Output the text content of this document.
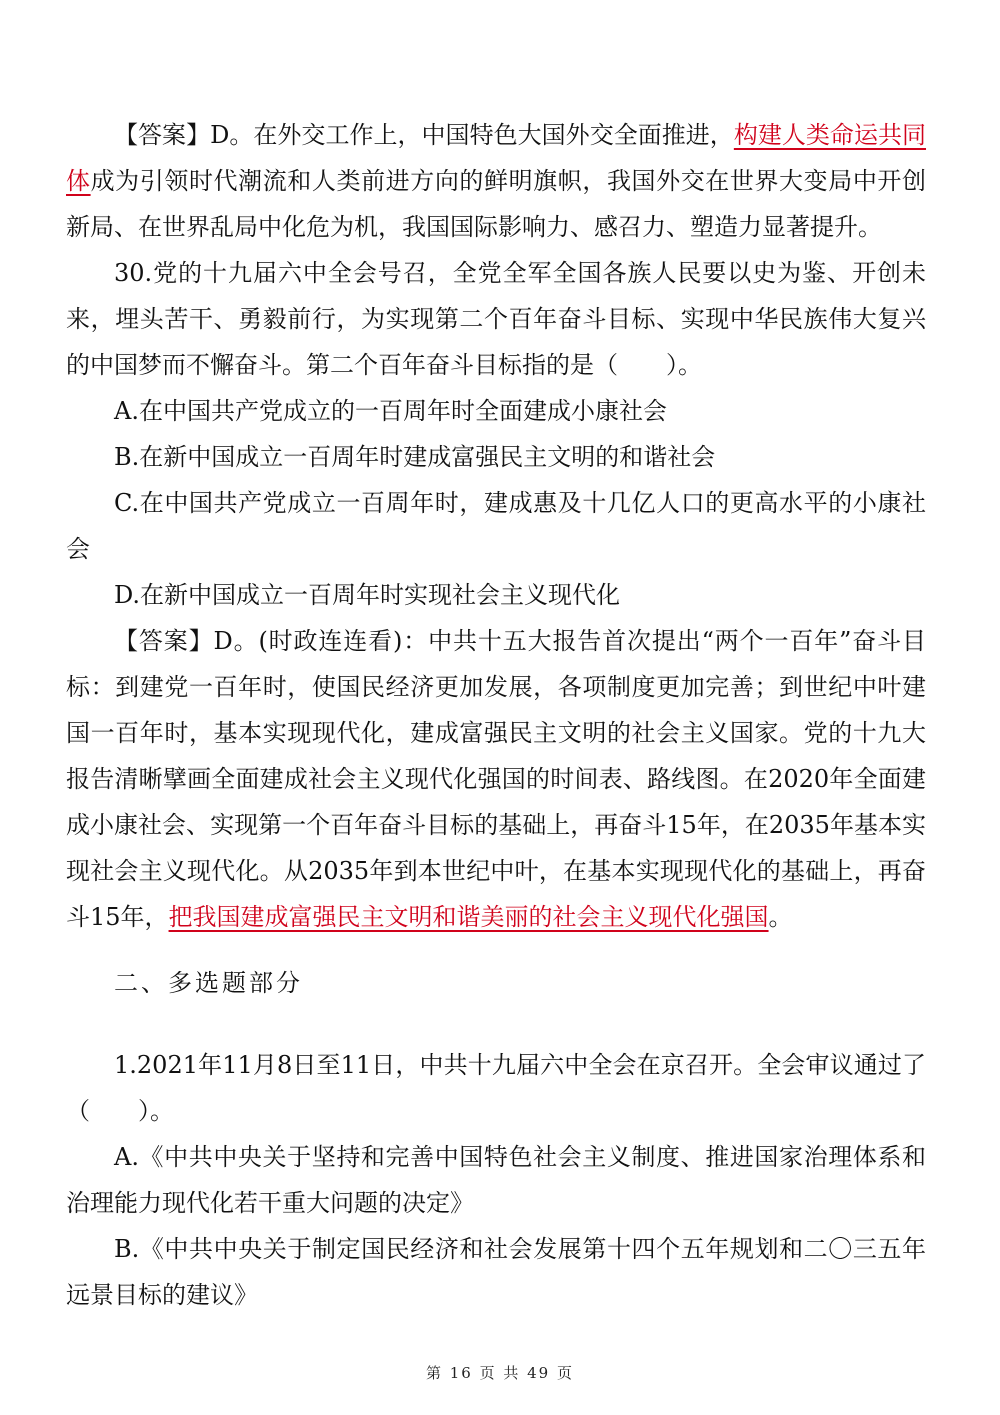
【答案】D。在外交工作上，中国特色大国外交全面推进，构建人类命运共同体成为引领时代潮流和人类前进方向的鲜明旗帜，我国外交在世界大变局中开创新局、在世界乱局中化危为机，我国国际影响力、感召力、塑造力显著提升。

30.党的十九届六中全会号召，全党全军全国各族人民要以史为鉴、开创未来，埋头苦干、勇毅前行，为实现第二个百年奋斗目标、实现中华民族伟大复兴的中国梦而不懈奋斗。第二个百年奋斗目标指的是（　　）。

A.在中国共产党成立的一百周年时全面建成小康社会

B.在新中国成立一百周年时建成富强民主文明的和谐社会

C.在中国共产党成立一百周年时，建成惠及十几亿人口的更高水平的小康社会

D.在新中国成立一百周年时实现社会主义现代化

【答案】D。(时政连连看)：中共十五大报告首次提出“两个一百年”奋斗目标：到建党一百年时，使国民经济更加发展，各项制度更加完善；到世纪中叶建国一百年时，基本实现现代化，建成富强民主文明的社会主义国家。党的十九大报告清晰擘画全面建成社会主义现代化强国的时间表、路线图。在2020年全面建成小康社会、实现第一个百年奋斗目标的基础上，再奋斗15年，在2035年基本实现社会主义现代化。从2035年到本世纪中叶，在基本实现现代化的基础上，再奋斗15年，把我国建成富强民主文明和谐美丽的社会主义现代化强国。

二、多选题部分

1.2021年11月8日至11日，中共十九届六中全会在京召开。全会审议通过了（　　）。

A.《中共中央关于坚持和完善中国特色社会主义制度、推进国家治理体系和治理能力现代化若干重大问题的决定》

B.《中共中央关于制定国民经济和社会发展第十四个五年规划和二〇三五年远景目标的建议》

第 16 页 共 49 页
